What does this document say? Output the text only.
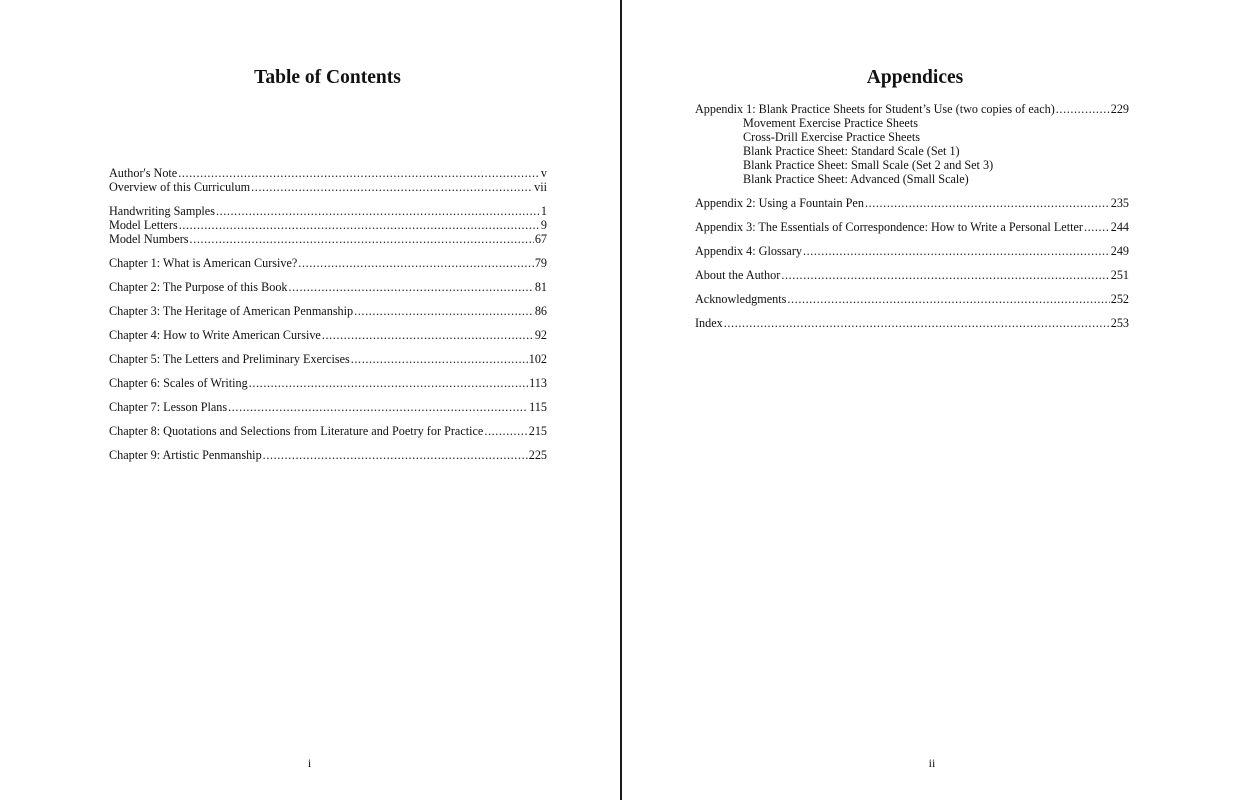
Table of Contents
Author's Note .....	v
Overview of this Curriculum .....	vii
Handwriting Samples .....	1
Model Letters .....	9
Model Numbers .....	67
Chapter 1: What is American Cursive? .....	79
Chapter 2: The Purpose of this Book .....	81
Chapter 3: The Heritage of American Penmanship .....	86
Chapter 4: How to Write American Cursive .....	92
Chapter 5: The Letters and Preliminary Exercises .....	102
Chapter 6: Scales of Writing .....	113
Chapter 7: Lesson Plans .....	115
Chapter 8: Quotations and Selections from Literature and Poetry for Practice .....	215
Chapter 9: Artistic Penmanship .....	225
i
Appendices
Appendix 1: Blank Practice Sheets for Student’s Use (two copies of each) .....	229
Movement Exercise Practice Sheets
Cross-Drill Exercise Practice Sheets
Blank Practice Sheet: Standard Scale (Set 1)
Blank Practice Sheet: Small Scale (Set 2 and Set 3)
Blank Practice Sheet: Advanced (Small Scale)
Appendix 2: Using a Fountain Pen .....	235
Appendix 3: The Essentials of Correspondence: How to Write a Personal Letter ..... 244
Appendix 4: Glossary .....	249
About the Author .....	251
Acknowledgments .....	252
Index .....	253
ii
